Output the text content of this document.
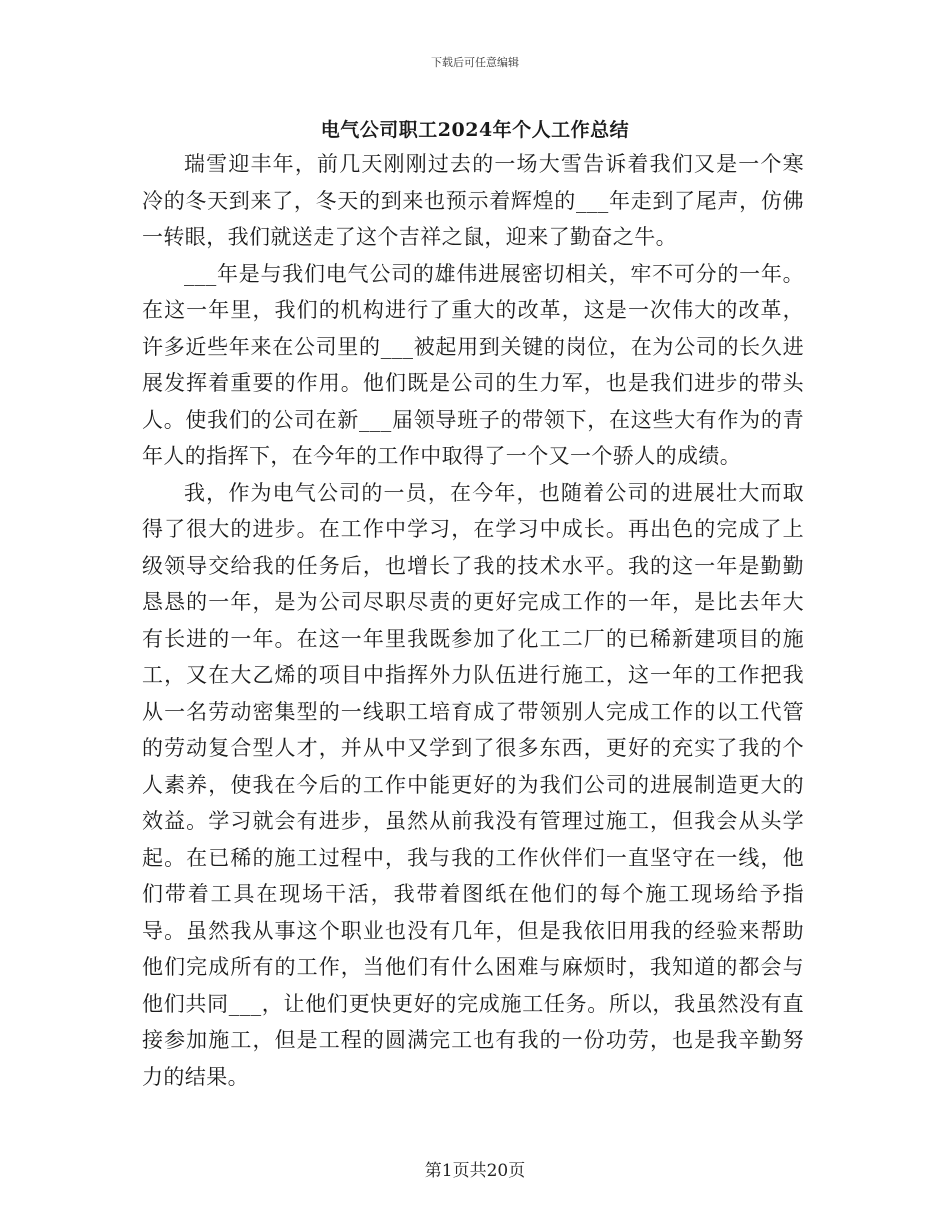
下载后可任意编辑
电气公司职工2024年个人工作总结

瑞雪迎丰年，前几天刚刚过去的一场大雪告诉着我们又是一个寒冷的冬天到来了，冬天的到来也预示着辉煌的___年走到了尾声，仿佛一转眼，我们就送走了这个吉祥之鼠，迎来了勤奋之牛。

___年是与我们电气公司的雄伟进展密切相关，牢不可分的一年。在这一年里，我们的机构进行了重大的改革，这是一次伟大的改革，许多近些年来在公司里的___被起用到关键的岗位，在为公司的长久进展发挥着重要的作用。他们既是公司的生力军，也是我们进步的带头人。使我们的公司在新___届领导班子的带领下，在这些大有作为的青年人的指挥下，在今年的工作中取得了一个又一个骄人的成绩。

我，作为电气公司的一员，在今年，也随着公司的进展壮大而取得了很大的进步。在工作中学习，在学习中成长。再出色的完成了上级领导交给我的任务后，也增长了我的技术水平。我的这一年是勤勤恳恳的一年，是为公司尽职尽责的更好完成工作的一年，是比去年大有长进的一年。在这一年里我既参加了化工二厂的已稀新建项目的施工，又在大乙烯的项目中指挥外力队伍进行施工，这一年的工作把我从一名劳动密集型的一线职工培育成了带领别人完成工作的以工代管的劳动复合型人才，并从中又学到了很多东西，更好的充实了我的个人素养，使我在今后的工作中能更好的为我们公司的进展制造更大的效益。学习就会有进步，虽然从前我没有管理过施工，但我会从头学起。在已稀的施工过程中，我与我的工作伙伴们一直坚守在一线，他们带着工具在现场干活，我带着图纸在他们的每个施工现场给予指导。虽然我从事这个职业也没有几年，但是我依旧用我的经验来帮助他们完成所有的工作，当他们有什么困难与麻烦时，我知道的都会与他们共同___，让他们更快更好的完成施工任务。所以，我虽然没有直接参加施工，但是工程的圆满完工也有我的一份功劳，也是我辛勤努力的结果。

第1页共20页
